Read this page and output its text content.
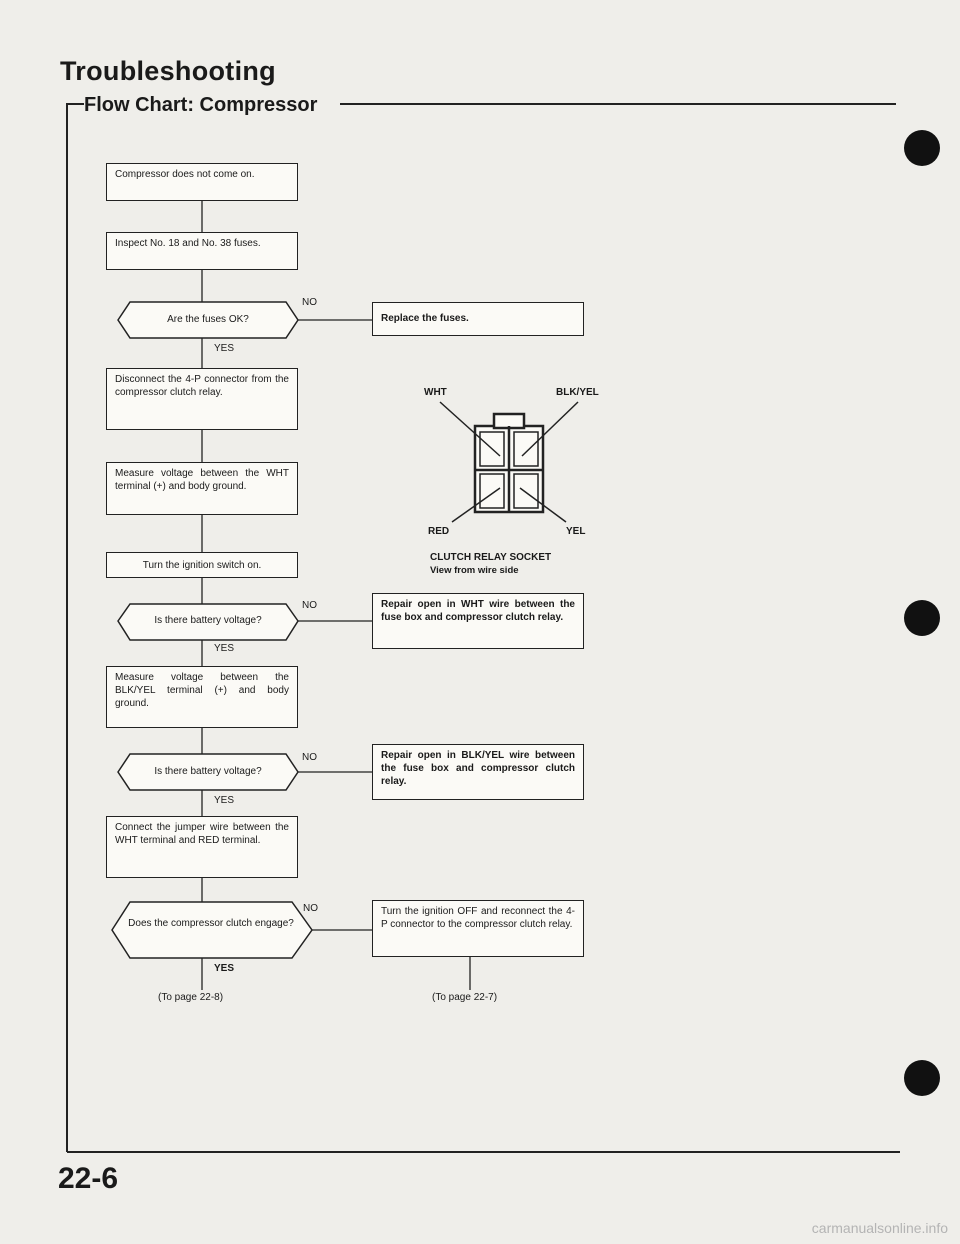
Troubleshooting
Flow Chart: Compressor
Compressor does not come on.
Inspect No. 18 and No. 38 fuses.
Are the fuses OK?	Replace the fuses.
Disconnect the 4-P connector from the compressor clutch relay.
Measure voltage between the WHT terminal (+) and body ground.
Turn the ignition switch on.
Is there battery voltage?
Repair open in WHT wire between the fuse box and compressor clutch relay.
Measure voltage between the BLK/YEL terminal (+) and body ground.
Is there battery voltage?
Repair open in BLK/YEL wire between the fuse box and compressor clutch relay.
Connect the jumper wire between the WHT terminal and RED terminal.
Does the compressor clutch engage?
Turn the ignition OFF and reconnect the 4-P connector to the compressor clutch relay.
YES
NO
NO
YES
NO
YES
NO
YES
(To page 22-8)	(To page 22-7)
WHT	BLK/YEL
RED	YEL
CLUTCH RELAY SOCKET
View from wire side
22-6
carmanualsonline.info
